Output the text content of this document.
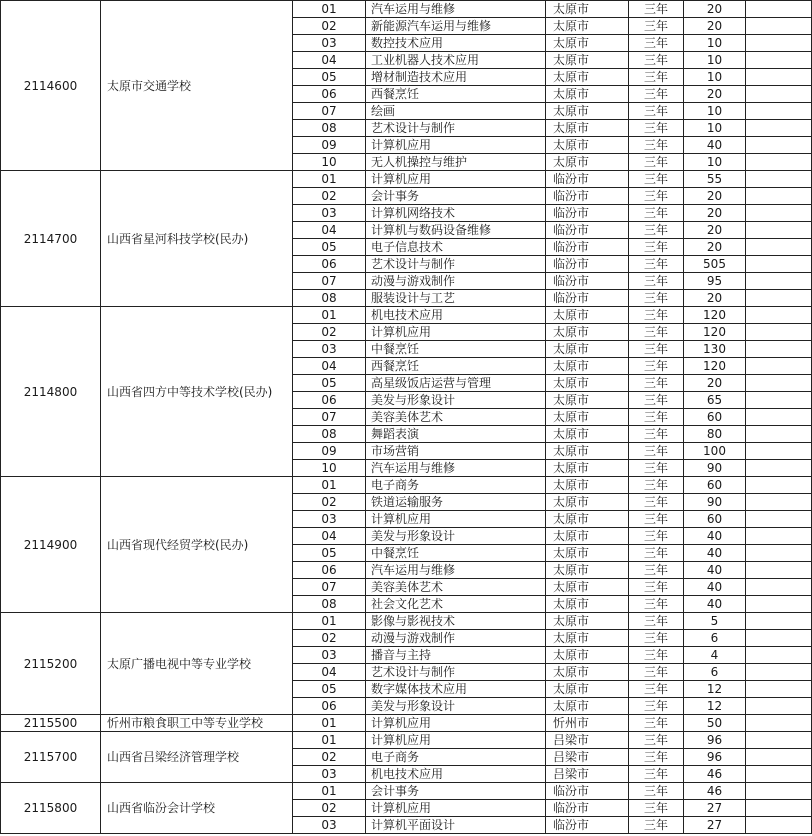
2114600	太原市交通学校	01	汽车运用与维修	太原市	三年	20	
		02	新能源汽车运用与维修	太原市	三年	20	
		03	数控技术应用	太原市	三年	10	
		04	工业机器人技术应用	太原市	三年	10	
		05	增材制造技术应用	太原市	三年	10	
		06	西餐烹饪	太原市	三年	20	
		07	绘画	太原市	三年	10	
		08	艺术设计与制作	太原市	三年	10	
		09	计算机应用	太原市	三年	40	
		10	无人机操控与维护	太原市	三年	10	
2114700	山西省星河科技学校(民办)	01	计算机应用	临汾市	三年	55	
		02	会计事务	临汾市	三年	20	
		03	计算机网络技术	临汾市	三年	20	
		04	计算机与数码设备维修	临汾市	三年	20	
		05	电子信息技术	临汾市	三年	20	
		06	艺术设计与制作	临汾市	三年	505	
		07	动漫与游戏制作	临汾市	三年	95	
		08	服装设计与工艺	临汾市	三年	20	
2114800	山西省四方中等技术学校(民办)	01	机电技术应用	太原市	三年	120	
		02	计算机应用	太原市	三年	120	
		03	中餐烹饪	太原市	三年	130	
		04	西餐烹饪	太原市	三年	120	
		05	高星级饭店运营与管理	太原市	三年	20	
		06	美发与形象设计	太原市	三年	65	
		07	美容美体艺术	太原市	三年	60	
		08	舞蹈表演	太原市	三年	80	
		09	市场营销	太原市	三年	100	
		10	汽车运用与维修	太原市	三年	90	
2114900	山西省现代经贸学校(民办)	01	电子商务	太原市	三年	60	
		02	铁道运输服务	太原市	三年	90	
		03	计算机应用	太原市	三年	60	
		04	美发与形象设计	太原市	三年	40	
		05	中餐烹饪	太原市	三年	40	
		06	汽车运用与维修	太原市	三年	40	
		07	美容美体艺术	太原市	三年	40	
		08	社会文化艺术	太原市	三年	40	
2115200	太原广播电视中等专业学校	01	影像与影视技术	太原市	三年	5	
		02	动漫与游戏制作	太原市	三年	6	
		03	播音与主持	太原市	三年	4	
		04	艺术设计与制作	太原市	三年	6	
		05	数字媒体技术应用	太原市	三年	12	
		06	美发与形象设计	太原市	三年	12	
2115500	忻州市粮食职工中等专业学校	01	计算机应用	忻州市	三年	50	
2115700	山西省吕梁经济管理学校	01	计算机应用	吕梁市	三年	96	
		02	电子商务	吕梁市	三年	96	
		03	机电技术应用	吕梁市	三年	46	
2115800	山西省临汾会计学校	01	会计事务	临汾市	三年	46	
		02	计算机应用	临汾市	三年	27	
		03	计算机平面设计	临汾市	三年	27	
